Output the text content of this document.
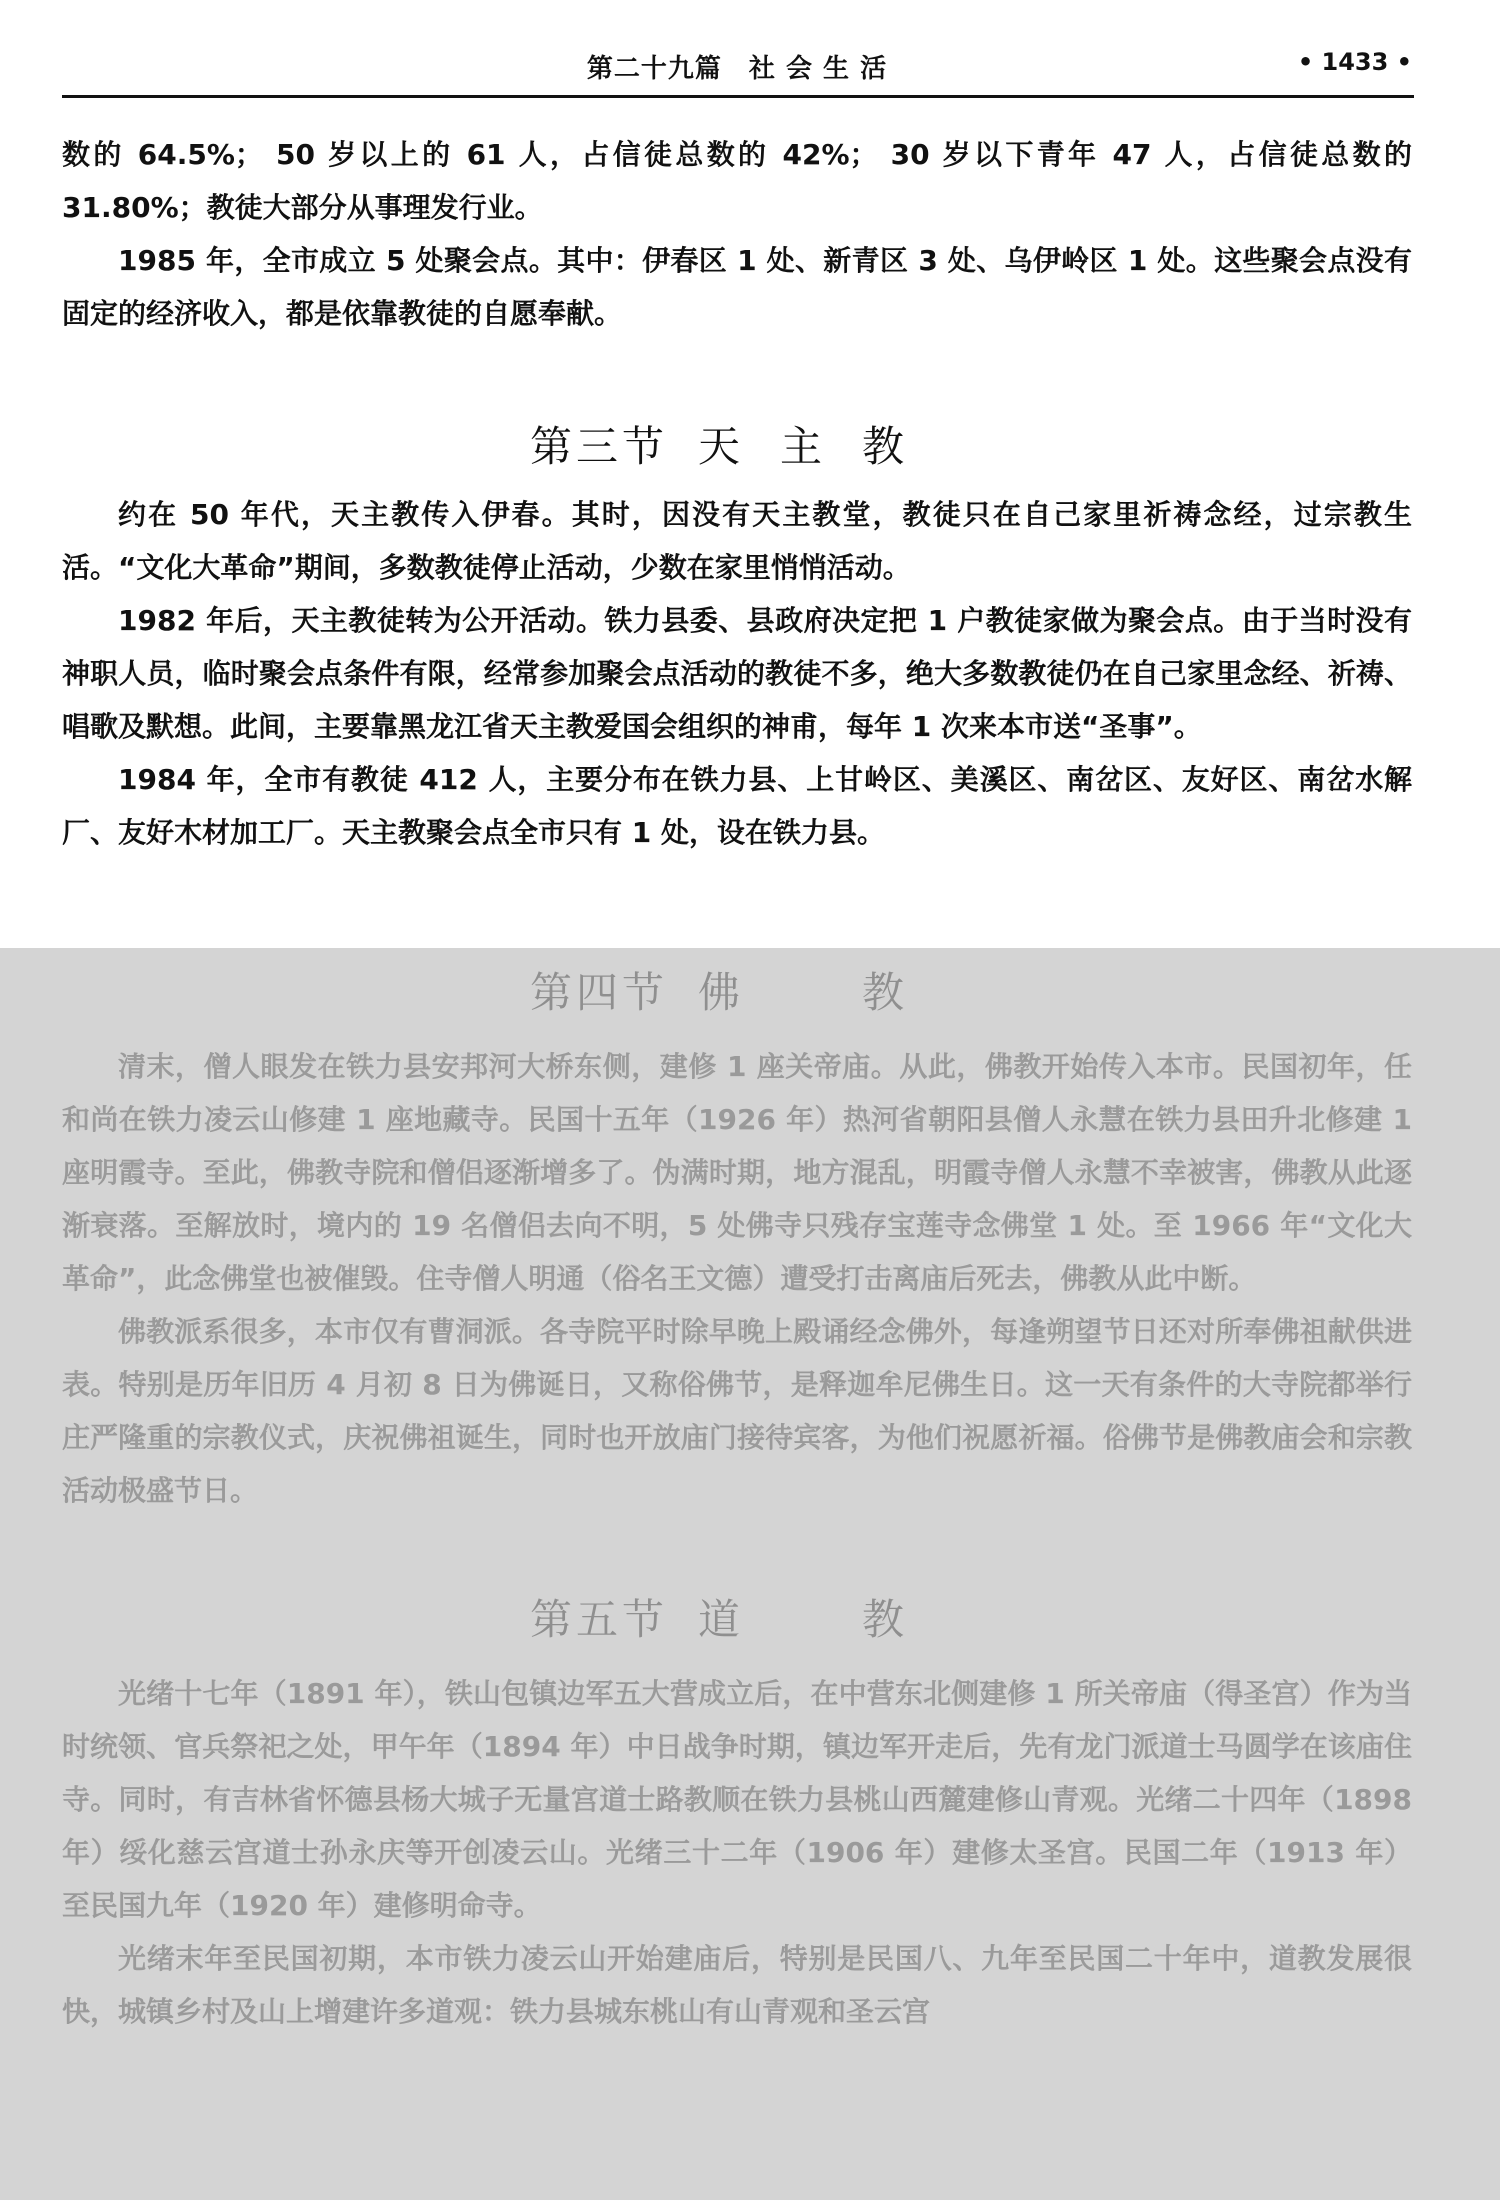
第二十九篇　社 会 生 活	• 1433 •

数的 64.5%； 50 岁以上的 61 人，占信徒总数的 42%； 30 岁以下青年 47 人，占信徒总数的 31.80%；教徒大部分从事理发行业。

1985 年，全市成立 5 处聚会点。其中：伊春区 1 处、新青区 3 处、乌伊岭区 1 处。这些聚会点没有固定的经济收入，都是依靠教徒的自愿奉献。

第三节 天主教

约在 50 年代，天主教传入伊春。其时，因没有天主教堂，教徒只在自己家里祈祷念经，过宗教生活。“文化大革命”期间，多数教徒停止活动，少数在家里悄悄活动。

1982 年后，天主教徒转为公开活动。铁力县委、县政府决定把 1 户教徒家做为聚会点。由于当时没有神职人员，临时聚会点条件有限，经常参加聚会点活动的教徒不多，绝大多数教徒仍在自己家里念经、祈祷、唱歌及默想。此间，主要靠黑龙江省天主教爱国会组织的神甫，每年 1 次来本市送“圣事”。

1984 年，全市有教徒 412 人，主要分布在铁力县、上甘岭区、美溪区、南岔区、友好区、南岔水解厂、友好木材加工厂。天主教聚会点全市只有 1 处，设在铁力县。

第四节 佛　教

清末，僧人眼发在铁力县安邦河大桥东侧，建修 1 座关帝庙。从此，佛教开始传入本市。民国初年，任和尚在铁力凌云山修建 1 座地藏寺。民国十五年（1926 年）热河省朝阳县僧人永慧在铁力县田升北修建 1 座明霞寺。至此，佛教寺院和僧侣逐渐增多了。伪满时期，地方混乱，明霞寺僧人永慧不幸被害，佛教从此逐渐衰落。至解放时，境内的 19 名僧侣去向不明，5 处佛寺只残存宝莲寺念佛堂 1 处。至 1966 年“文化大革命”，此念佛堂也被催毁。住寺僧人明通（俗名王文德）遭受打击离庙后死去，佛教从此中断。

佛教派系很多，本市仅有曹洞派。各寺院平时除早晚上殿诵经念佛外，每逢朔望节日还对所奉佛祖献供进表。特别是历年旧历 4 月初 8 日为佛诞日，又称俗佛节，是释迦牟尼佛生日。这一天有条件的大寺院都举行庄严隆重的宗教仪式，庆祝佛祖诞生，同时也开放庙门接待宾客，为他们祝愿祈福。俗佛节是佛教庙会和宗教活动极盛节日。

第五节 道　教

光绪十七年（1891 年），铁山包镇边军五大营成立后，在中营东北侧建修 1 所关帝庙（得圣宫）作为当时统领、官兵祭祀之处，甲午年（1894 年）中日战争时期，镇边军开走后，先有龙门派道士马圆学在该庙住寺。同时，有吉林省怀德县杨大城子无量宫道士路教顺在铁力县桃山西麓建修山青观。光绪二十四年（1898 年）绥化慈云宫道士孙永庆等开创凌云山。光绪三十二年（1906 年）建修太圣宫。民国二年（1913 年）至民国九年（1920 年）建修明命寺。

光绪末年至民国初期，本市铁力凌云山开始建庙后，特别是民国八、九年至民国二十年中，道教发展很快，城镇乡村及山上增建许多道观：铁力县城东桃山有山青观和圣云宫
